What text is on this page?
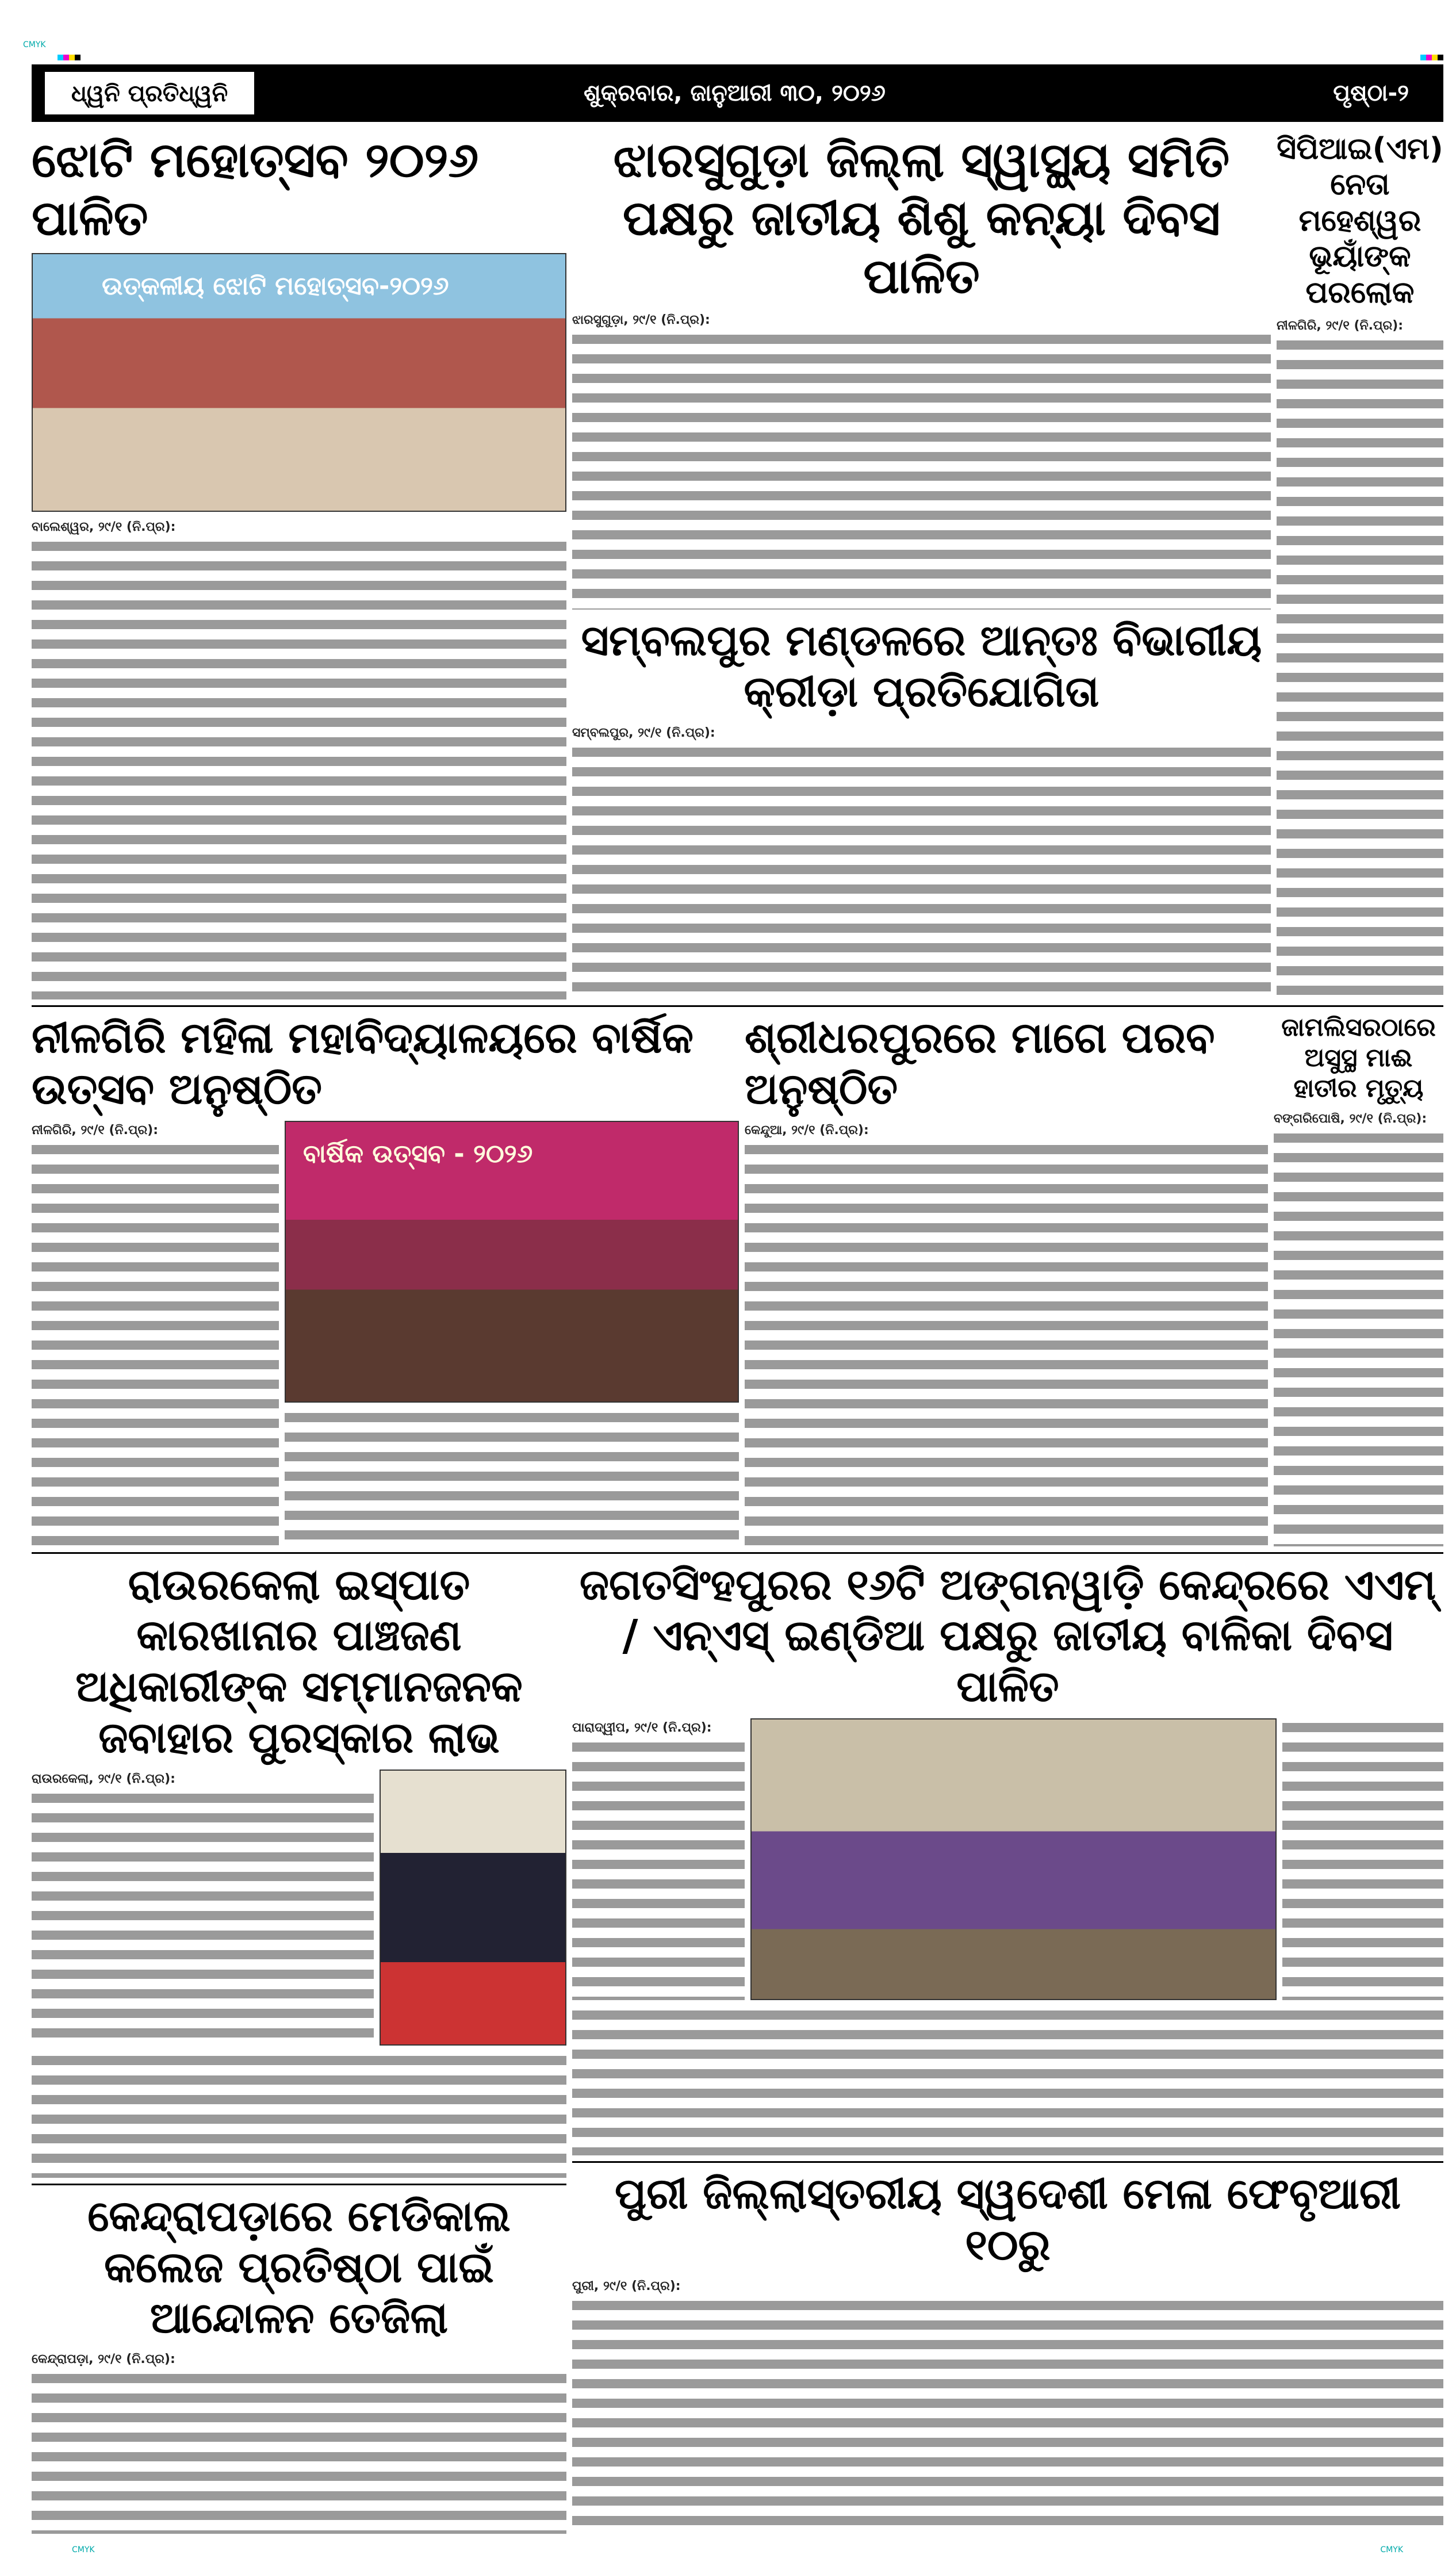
CMYK
ଧ୍ୱନି ପ୍ରତିଧ୍ୱନି	ଶୁକ୍ରବାର, ଜାନୁଆରୀ ୩୦, ୨୦୨୬	ପୃଷ୍ଠା-୨
ଝୋଟି ମହୋତ୍ସବ ୨୦୨୬ ପାଳିତ
ଉତ୍କଳୀୟ ଝୋଟି ମହୋତ୍ସବ-୨୦୨୬
ବାଲେଶ୍ୱର, ୨୯/୧ (ନି.ପ୍ର):
ଝାରସୁଗୁଡ଼ା ଜିଲ୍ଲା ସ୍ୱାସ୍ଥ୍ୟ ସମିତି ପକ୍ଷରୁ ଜାତୀୟ ଶିଶୁ କନ୍ୟା ଦିବସ ପାଳିତ
ଝାରସୁଗୁଡ଼ା, ୨୯/୧ (ନି.ପ୍ର):
ସମ୍ବଲପୁର ମଣ୍ଡଳରେ ଆନ୍ତଃ ବିଭାଗୀୟ କ୍ରୀଡ଼ା ପ୍ରତିଯୋଗିତା
ସମ୍ବଲପୁର, ୨୯/୧ (ନି.ପ୍ର):
ସିପିଆଇ(ଏମ) ନେତା ମହେଶ୍ୱର ଭୂୟାଁଙ୍କ ପରଲୋକ
ନୀଳଗିରି, ୨୯/୧ (ନି.ପ୍ର):
ନୀଳଗିରି ମହିଳା ମହାବିଦ୍ୟାଳୟରେ ବାର୍ଷିକ ଉତ୍ସବ ଅନୁଷ୍ଠିତ
ନୀଳଗିରି, ୨୯/୧ (ନି.ପ୍ର):
ବାର୍ଷିକ ଉତ୍ସବ - ୨୦୨୬
ଶ୍ରୀଧରପୁରରେ ମାଗେ ପରବ ଅନୁଷ୍ଠିତ
କେନ୍ଦୁଆ, ୨୯/୧ (ନି.ପ୍ର):
ଜାମଲିସରଠାରେ ଅସୁସ୍ଥ ମାଈ ହାତୀର ମୃତ୍ୟୁ
ବଙ୍ଗରିପୋଷି, ୨୯/୧ (ନି.ପ୍ର):
ରାଉରକେଲା ଇସ୍ପାତ କାରଖାନାର ପାଞ୍ଚଜଣ ଅଧିକାରୀଙ୍କ ସମ୍ମାନଜନକ ଜବାହାର ପୁରସ୍କାର ଲାଭ
ରାଉରକେଲା, ୨୯/୧ (ନି.ପ୍ର):
କେନ୍ଦ୍ରାପଡ଼ାରେ ମେଡିକାଲ କଲେଜ ପ୍ରତିଷ୍ଠା ପାଇଁ ଆନ୍ଦୋଳନ ତେଜିଲା
କେନ୍ଦ୍ରାପଡ଼ା, ୨୯/୧ (ନି.ପ୍ର):
ଜଗତସିଂହପୁରର ୧୬ଟି ଅଙ୍ଗନୱାଡ଼ି କେନ୍ଦ୍ରରେ ଏଏମ୍ / ଏନ୍‌ଏସ୍ ଇଣ୍ଡିଆ ପକ୍ଷରୁ ଜାତୀୟ ବାଳିକା ଦିବସ ପାଳିତ
ପାରାଦ୍ୱୀପ, ୨୯/୧ (ନି.ପ୍ର):
ପୁରୀ ଜିଲ୍ଲାସ୍ତରୀୟ ସ୍ୱଦେଶୀ ମେଳା ଫେବୃଆରୀ ୧୦ରୁ
ପୁରୀ, ୨୯/୧ (ନି.ପ୍ର):
CMYK	CMYK
